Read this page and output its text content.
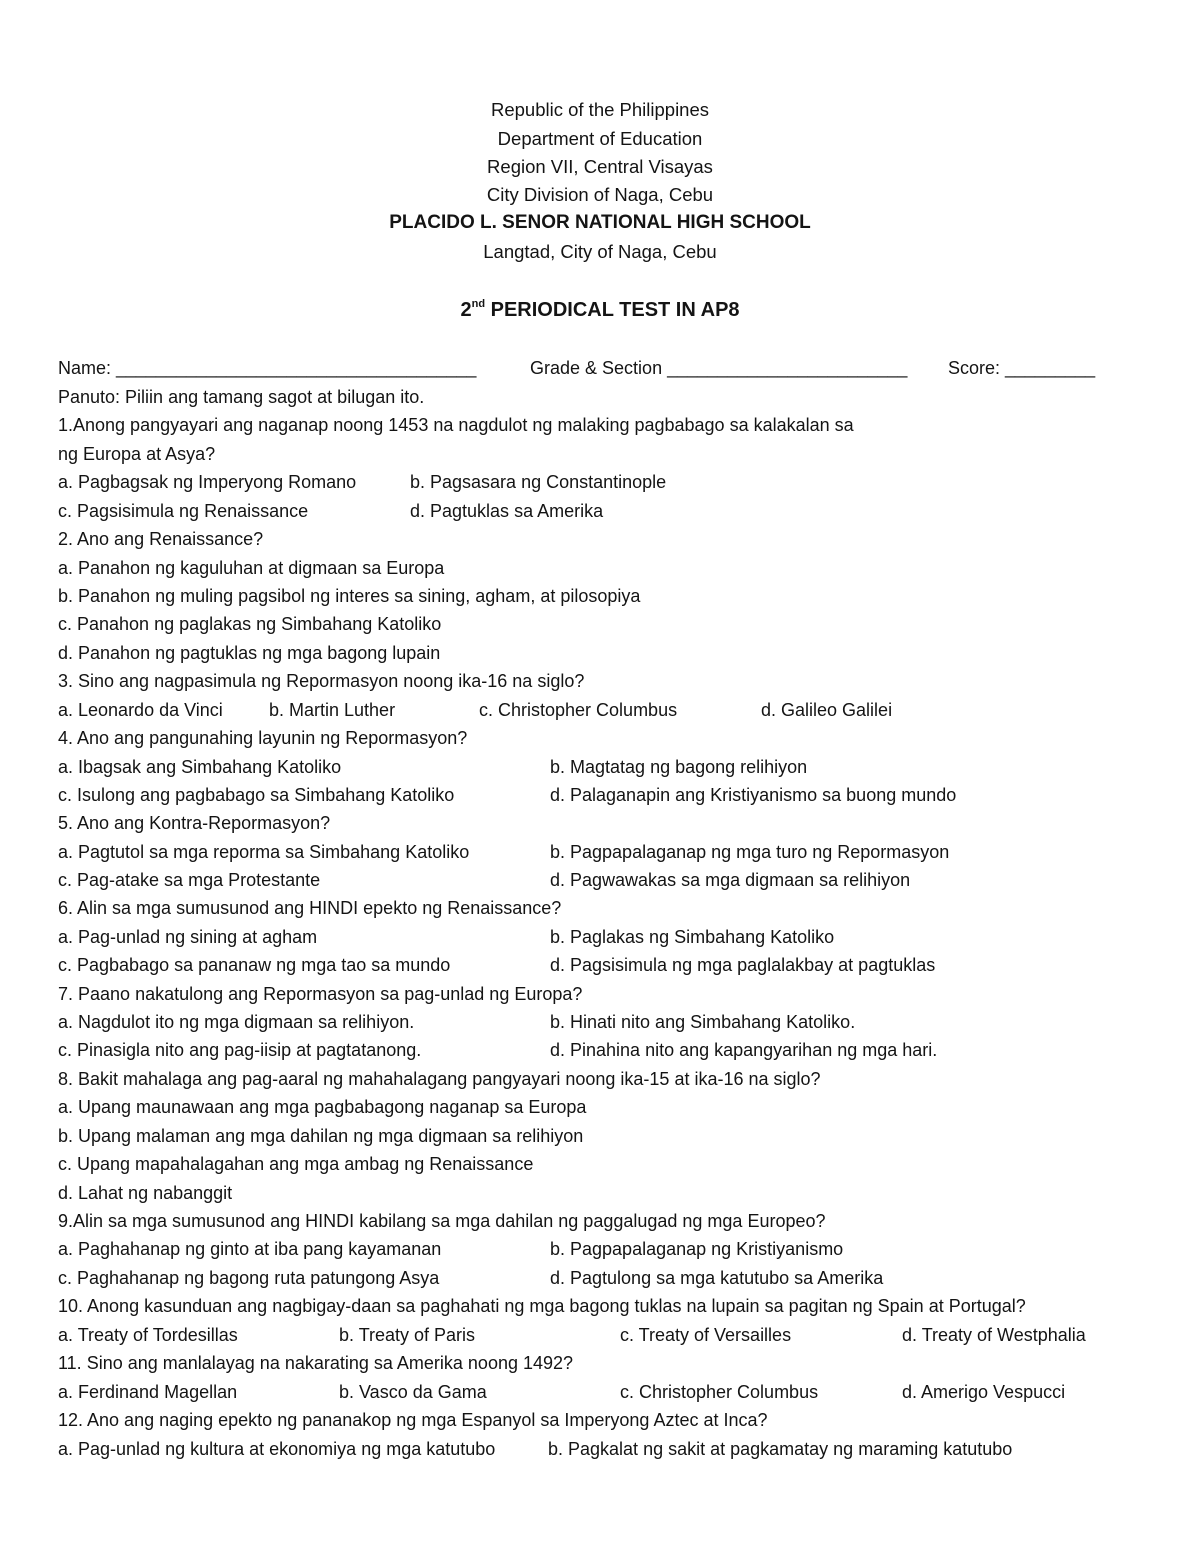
Republic of the Philippines
Department of Education
Region VII, Central Visayas
City Division of Naga, Cebu
PLACIDO L. SENOR NATIONAL HIGH SCHOOL
Langtad, City of Naga, Cebu
2nd PERIODICAL TEST IN AP8
Name: ____________________________________	Grade & Section ________________________ Score: _________
Panuto: Piliin ang tamang sagot at bilugan ito.
1.Anong pangyayari ang naganap noong 1453 na nagdulot ng malaking pagbabago sa kalakalan sa
ng Europa at Asya?
a. Pagbagsak ng Imperyong Romano	b. Pagsasara ng Constantinople
c. Pagsisimula ng Renaissance	d. Pagtuklas sa Amerika
2. Ano ang Renaissance?
a. Panahon ng kaguluhan at digmaan sa Europa
b. Panahon ng muling pagsibol ng interes sa sining, agham, at pilosopiya
c. Panahon ng paglakas ng Simbahang Katoliko
d. Panahon ng pagtuklas ng mga bagong lupain
3. Sino ang nagpasimula ng Repormasyon noong ika-16 na siglo?
a. Leonardo da Vinci	b. Martin Luther	c. Christopher Columbus	d. Galileo Galilei
4. Ano ang pangunahing layunin ng Repormasyon?
a. Ibagsak ang Simbahang Katoliko	b. Magtatag ng bagong relihiyon
c. Isulong ang pagbabago sa Simbahang Katoliko	d. Palaganapin ang Kristiyanismo sa buong mundo
5. Ano ang Kontra-Repormasyon?
a. Pagtutol sa mga reporma sa Simbahang Katoliko	b. Pagpapalaganap ng mga turo ng Repormasyon
c. Pag-atake sa mga Protestante	d. Pagwawakas sa mga digmaan sa relihiyon
6. Alin sa mga sumusunod ang HINDI epekto ng Renaissance?
a. Pag-unlad ng sining at agham	b. Paglakas ng Simbahang Katoliko
c. Pagbabago sa pananaw ng mga tao sa mundo	d. Pagsisimula ng mga paglalakbay at pagtuklas
7. Paano nakatulong ang Repormasyon sa pag-unlad ng Europa?
a. Nagdulot ito ng mga digmaan sa relihiyon.	b. Hinati nito ang Simbahang Katoliko.
c. Pinasigla nito ang pag-iisip at pagtatanong.	d. Pinahina nito ang kapangyarihan ng mga hari.
8. Bakit mahalaga ang pag-aaral ng mahahalagang pangyayari noong ika-15 at ika-16 na siglo?
a. Upang maunawaan ang mga pagbabagong naganap sa Europa
b. Upang malaman ang mga dahilan ng mga digmaan sa relihiyon
c. Upang mapahalagahan ang mga ambag ng Renaissance
d. Lahat ng nabanggit
9.Alin sa mga sumusunod ang HINDI kabilang sa mga dahilan ng paggalugad ng mga Europeo?
a. Paghahanap ng ginto at iba pang kayamanan	b. Pagpapalaganap ng Kristiyanismo
c. Paghahanap ng bagong ruta patungong Asya	d. Pagtulong sa mga katutubo sa Amerika
10. Anong kasunduan ang nagbigay-daan sa paghahati ng mga bagong tuklas na lupain sa pagitan ng Spain at Portugal?
a. Treaty of Tordesillas	b. Treaty of Paris	c. Treaty of Versailles	d. Treaty of Westphalia
11. Sino ang manlalayag na nakarating sa Amerika noong 1492?
a. Ferdinand Magellan	b. Vasco da Gama	c. Christopher Columbus	d. Amerigo Vespucci
12. Ano ang naging epekto ng pananakop ng mga Espanyol sa Imperyong Aztec at Inca?
a. Pag-unlad ng kultura at ekonomiya ng mga katutubo	b. Pagkalat ng sakit at pagkamatay ng maraming katutubo
